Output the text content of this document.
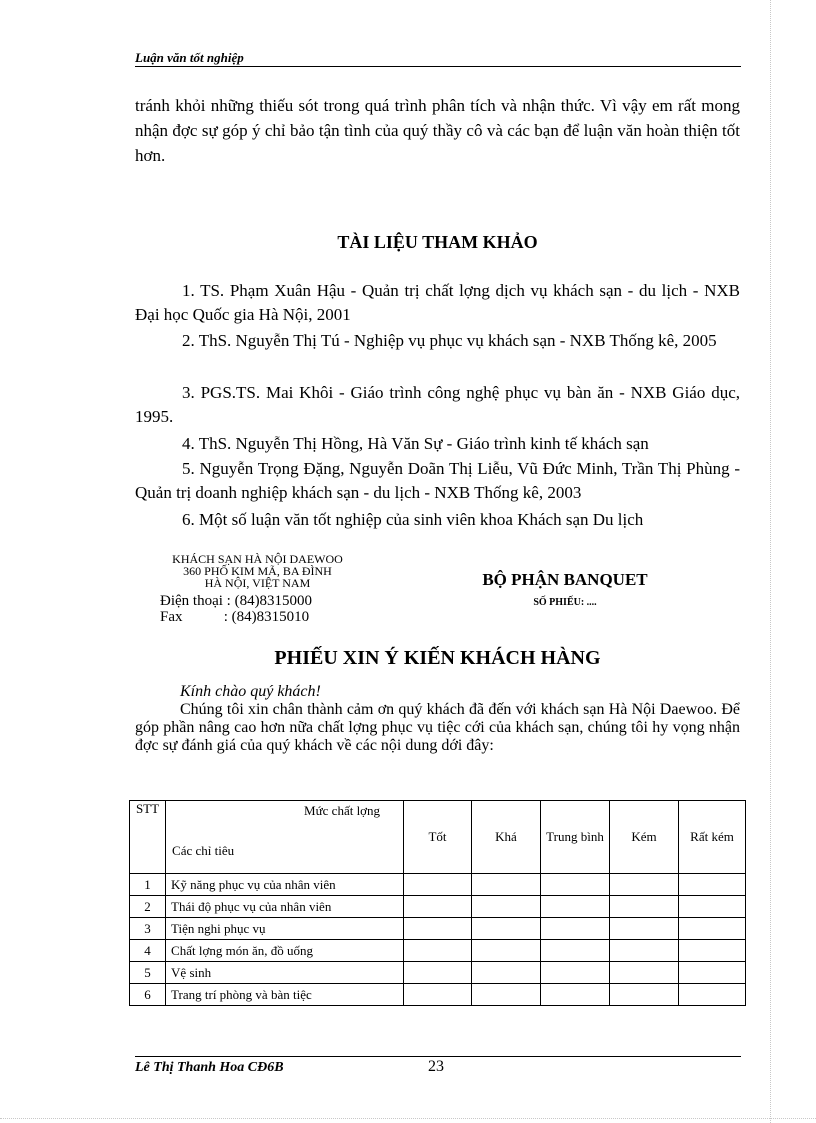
Luận văn tốt nghiệp
tránh khỏi những thiếu sót trong quá trình phân tích và nhận thức. Vì vậy em rất mong nhận đợc sự góp ý chỉ bảo tận tình của quý thầy cô và các bạn để luận văn hoàn thiện tốt hơn.
TÀI LIỆU THAM KHẢO
1. TS. Phạm Xuân Hậu - Quản trị chất lợng dịch vụ khách sạn - du lịch - NXB Đại học Quốc gia Hà Nội, 2001
2. ThS. Nguyễn Thị Tú - Nghiệp vụ phục vụ khách sạn - NXB Thống kê, 2005
3. PGS.TS. Mai Khôi - Giáo trình công nghệ phục vụ bàn ăn - NXB Giáo dục, 1995.
4. ThS. Nguyễn Thị Hồng, Hà Văn Sự - Giáo trình kinh tế khách sạn
5. Nguyễn Trọng Đặng, Nguyễn Doãn Thị Liễu, Vũ Đức Minh, Trần Thị Phùng - Quản trị doanh nghiệp khách sạn - du lịch - NXB Thống kê, 2003
6. Một số luận văn tốt nghiệp của sinh viên khoa Khách sạn Du lịch
KHÁCH SẠN HÀ NỘI DAEWOO
360 PHỐ KIM MÃ, BA ĐÌNH
HÀ NỘI, VIỆT NAM
Điện thoại : (84)8315000
Fax           : (84)8315010
BỘ PHẬN BANQUET
SỐ PHIẾU: ....
PHIẾU XIN Ý KIẾN KHÁCH HÀNG
Kính chào quý khách!
Chúng tôi xin chân thành cảm ơn quý khách đã đến với khách sạn Hà Nội Daewoo. Để góp phần nâng cao hơn nữa chất lợng phục vụ tiệc cới của khách sạn, chúng tôi hy vọng nhận đợc sự đánh giá của quý khách về các nội dung dới đây:
STT	Mức chất lợng
Các chỉ tiêu	Tốt	Khá	Trung bình	Kém	Rất kém
1	Kỹ năng phục vụ của nhân viên					
2	Thái độ phục vụ của nhân viên					
3	Tiện nghi phục vụ					
4	Chất lợng món ăn, đồ uống					
5	Vệ sinh					
6	Trang trí phòng và bàn tiệc					
Lê Thị Thanh Hoa CĐ6B	23
